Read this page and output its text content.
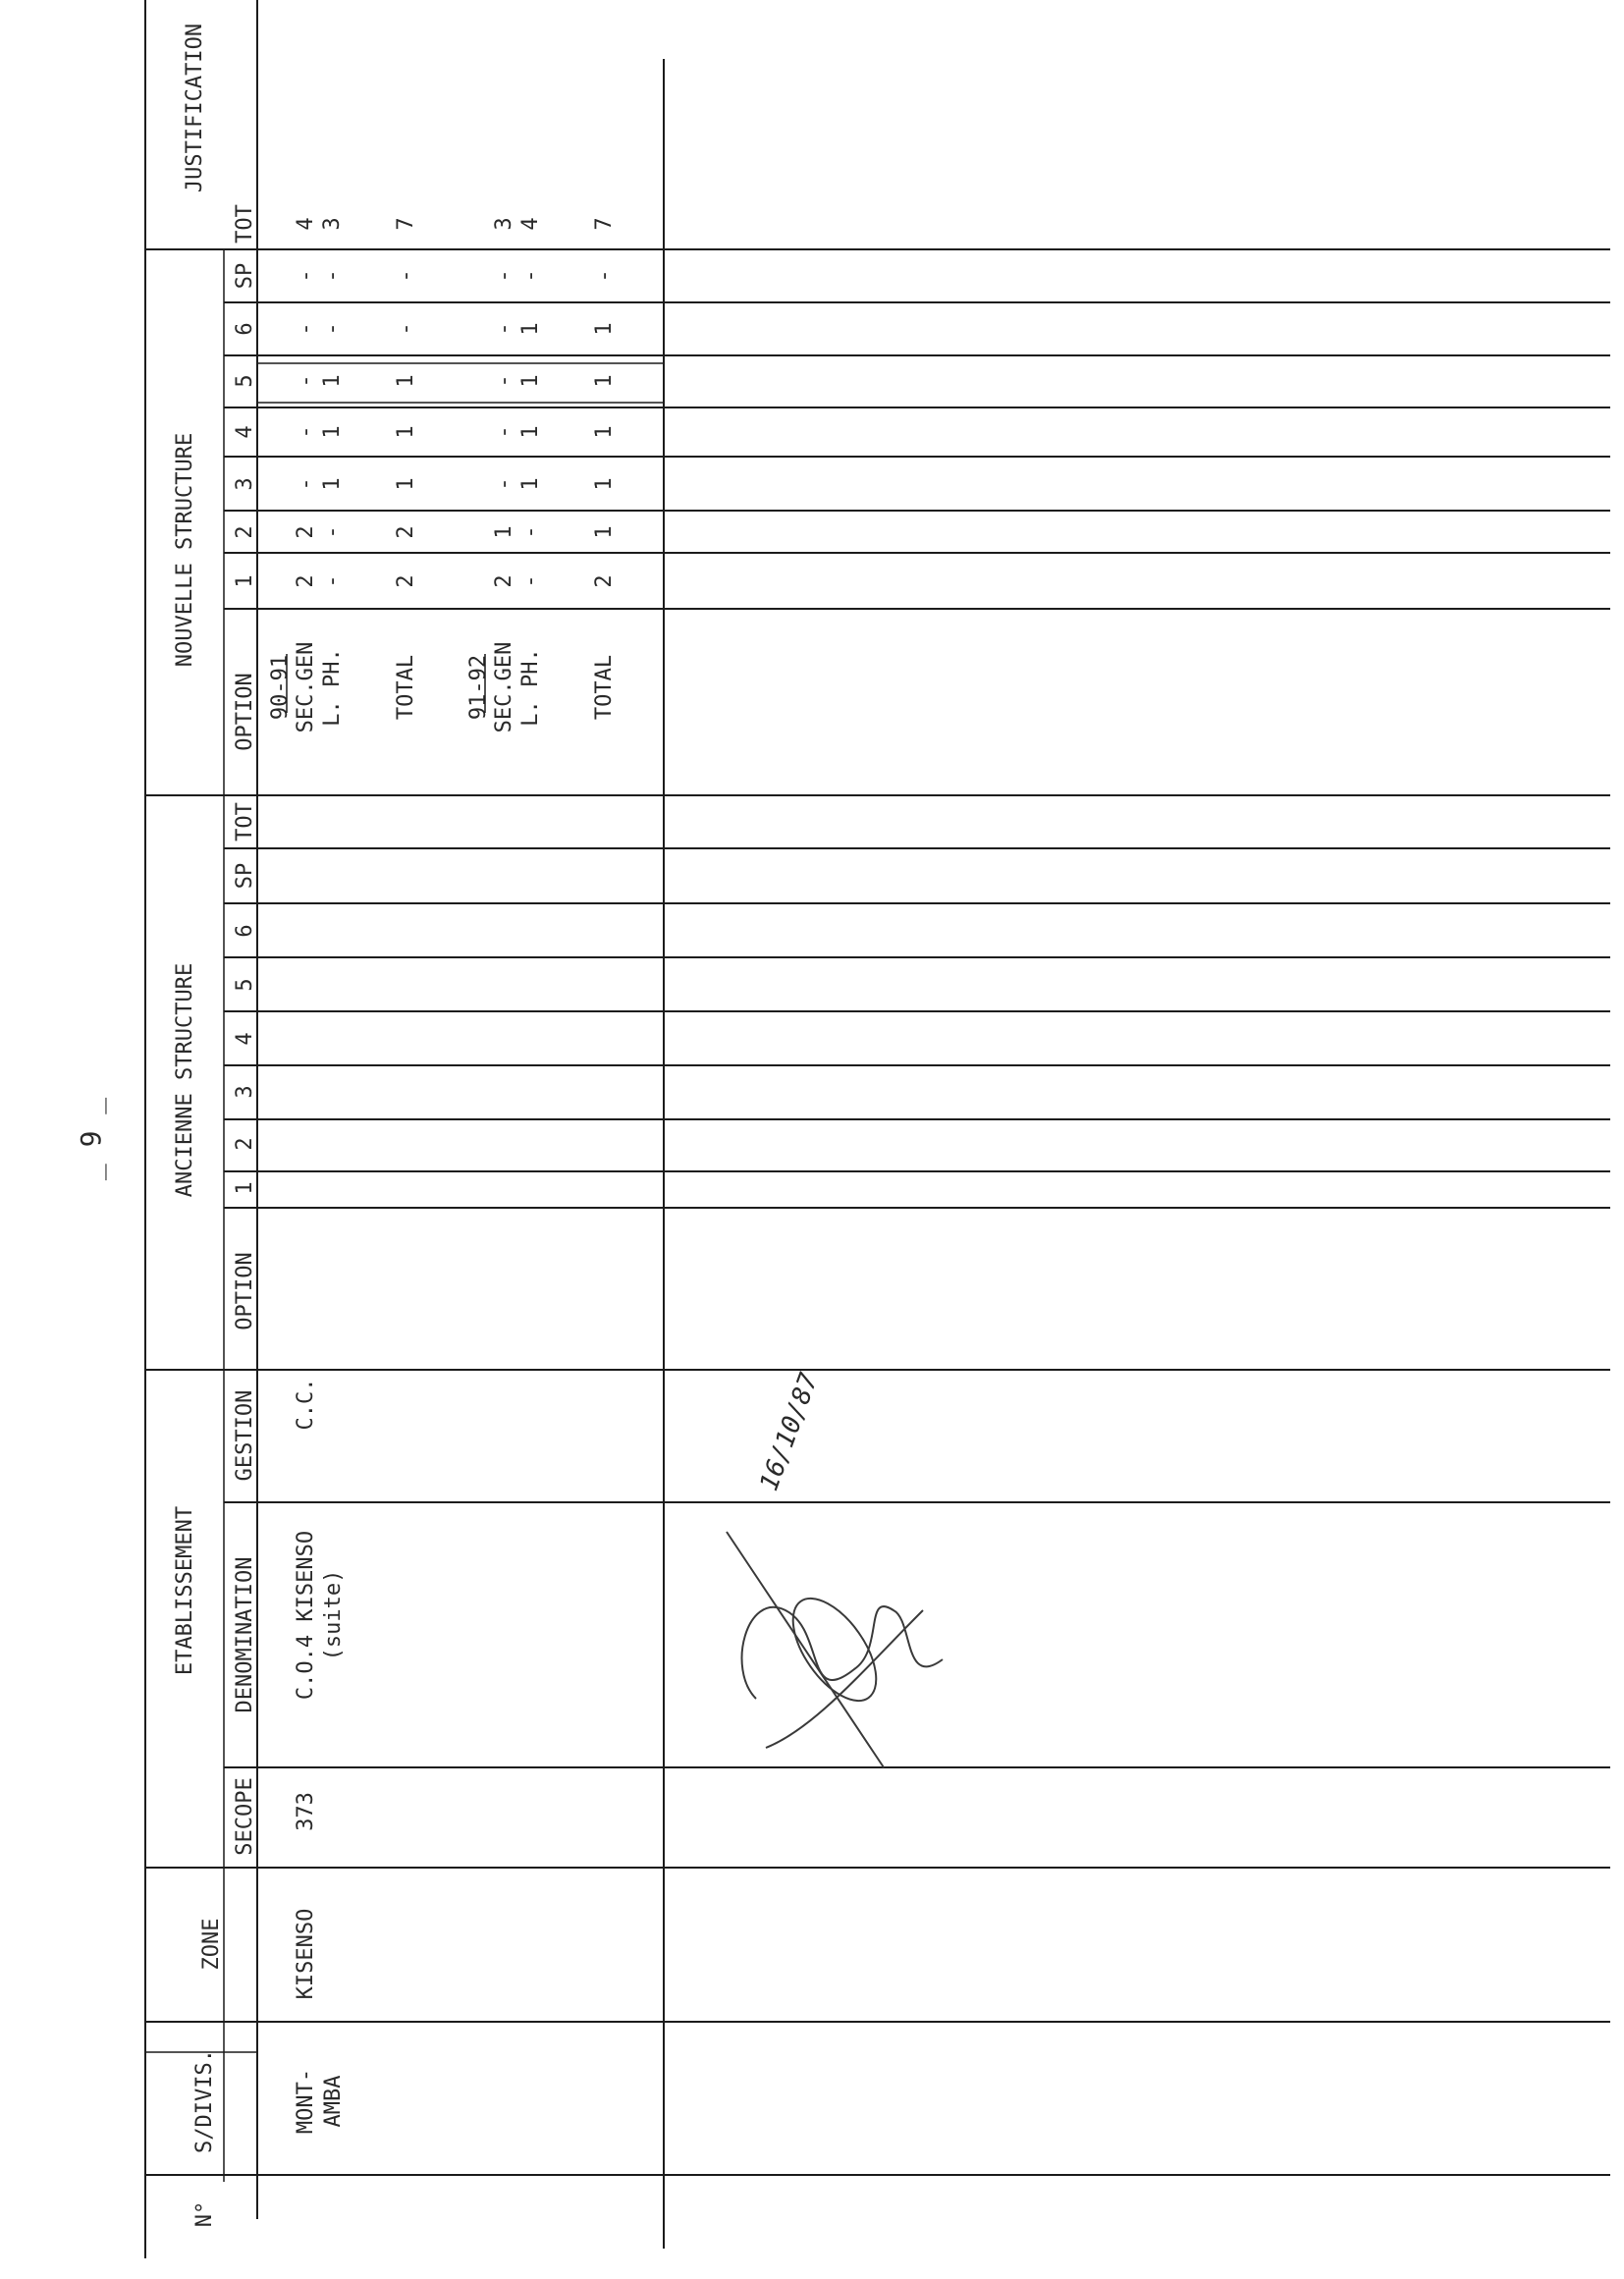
_ 9 _
N°
S/DIVIS.
ZONE
ETABLISSEMENT
SECOPE
DENOMINATION
GESTION
ANCIENNE STRUCTURE
OPTION
1
2
3
4
5
6
SP
TOT
NOUVELLE STRUCTURE
OPTION
1
2
3
4
5
6
SP
TOT
JUSTIFICATION
MONT- AMBA
KISENSO
373
C.O.4 KISENSO (suite)
C.C.
90-91 SEC.GEN
2
2
-
-
-
-
-
4
L. PH.
-
-
1
1
1
-
-
3
TOTAL
2
2
1
1
1
-
-
7
91-92 SEC.GEN
2
1
-
-
-
-
-
3
L. PH.
-
-
1
1
1
1
-
4
TOTAL
2
1
1
1
1
1
-
7
16/10/87
